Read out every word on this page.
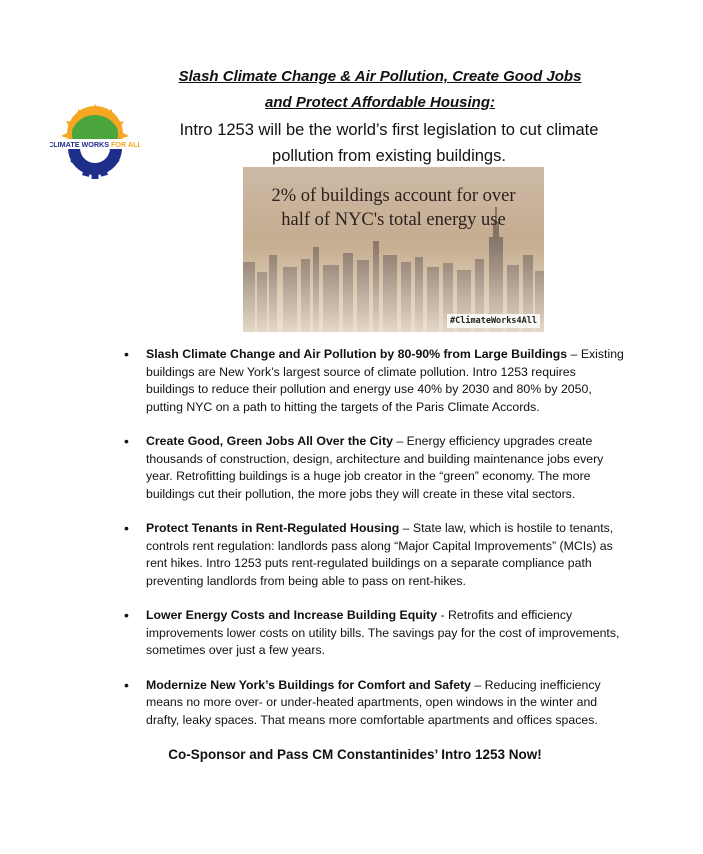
Slash Climate Change & Air Pollution, Create Good Jobs
and Protect Affordable Housing:
Intro 1253 will be the world’s first legislation to cut climate
pollution from existing buildings.
CLIMATE WORKS FOR ALL
2% of buildings account for over
half of NYC's total energy use
#ClimateWorks4All
• Slash Climate Change and Air Pollution by 80-90% from Large Buildings – Existing buildings are New York’s largest source of climate pollution. Intro 1253 requires buildings to reduce their pollution and energy use 40% by 2030 and 80% by 2050, putting NYC on a path to hitting the targets of the Paris Climate Accords.
• Create Good, Green Jobs All Over the City – Energy efficiency upgrades create thousands of construction, design, architecture and building maintenance jobs every year. Retrofitting buildings is a huge job creator in the “green” economy. The more buildings cut their pollution, the more jobs they will create in these vital sectors.
• Protect Tenants in Rent-Regulated Housing – State law, which is hostile to tenants, controls rent regulation: landlords pass along “Major Capital Improvements” (MCIs) as rent hikes. Intro 1253 puts rent-regulated buildings on a separate compliance path preventing landlords from being able to pass on rent-hikes.
• Lower Energy Costs and Increase Building Equity - Retrofits and efficiency improvements lower costs on utility bills. The savings pay for the cost of improvements, sometimes over just a few years.
• Modernize New York’s Buildings for Comfort and Safety – Reducing inefficiency means no more over- or under-heated apartments, open windows in the winter and drafty, leaky spaces. That means more comfortable apartments and offices spaces.
Co-Sponsor and Pass CM Constantinides’ Intro 1253 Now!
